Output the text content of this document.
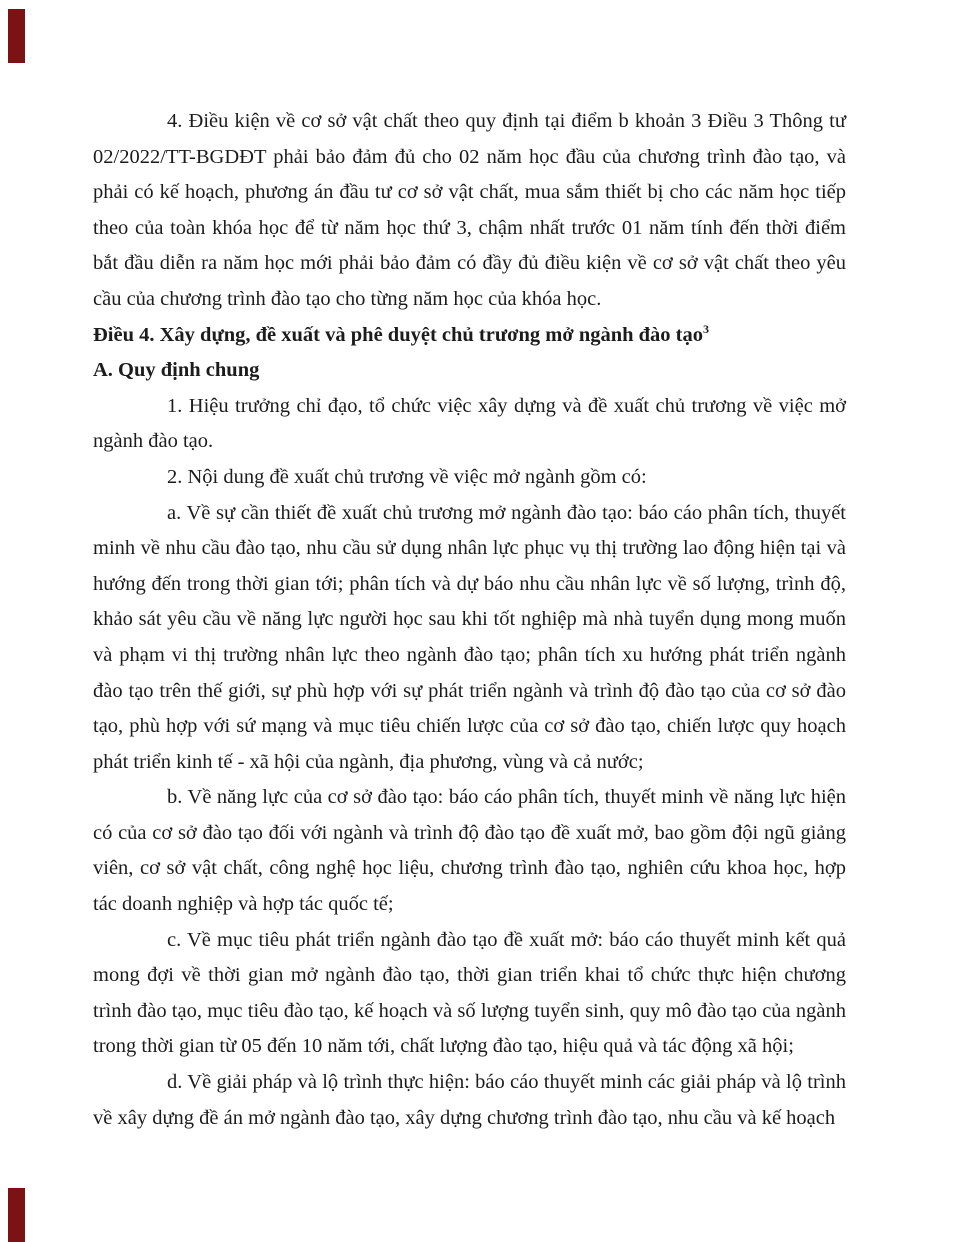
4. Điều kiện về cơ sở vật chất theo quy định tại điểm b khoản 3 Điều 3 Thông tư 02/2022/TT-BGDĐT phải bảo đảm đủ cho 02 năm học đầu của chương trình đào tạo, và phải có kế hoạch, phương án đầu tư cơ sở vật chất, mua sắm thiết bị cho các năm học tiếp theo của toàn khóa học để từ năm học thứ 3, chậm nhất trước 01 năm tính đến thời điểm bắt đầu diễn ra năm học mới phải bảo đảm có đầy đủ điều kiện về cơ sở vật chất theo yêu cầu của chương trình đào tạo cho từng năm học của khóa học.

Điều 4. Xây dựng, đề xuất và phê duyệt chủ trương mở ngành đào tạo$^3$

A. Quy định chung

1. Hiệu trưởng chỉ đạo, tổ chức việc xây dựng và đề xuất chủ trương về việc mở ngành đào tạo.

2. Nội dung đề xuất chủ trương về việc mở ngành gồm có:

a. Về sự cần thiết đề xuất chủ trương mở ngành đào tạo: báo cáo phân tích, thuyết minh về nhu cầu đào tạo, nhu cầu sử dụng nhân lực phục vụ thị trường lao động hiện tại và hướng đến trong thời gian tới; phân tích và dự báo nhu cầu nhân lực về số lượng, trình độ, khảo sát yêu cầu về năng lực người học sau khi tốt nghiệp mà nhà tuyển dụng mong muốn và phạm vi thị trường nhân lực theo ngành đào tạo; phân tích xu hướng phát triển ngành đào tạo trên thế giới, sự phù hợp với sự phát triển ngành và trình độ đào tạo của cơ sở đào tạo, phù hợp với sứ mạng và mục tiêu chiến lược của cơ sở đào tạo, chiến lược quy hoạch phát triển kinh tế - xã hội của ngành, địa phương, vùng và cả nước;

b. Về năng lực của cơ sở đào tạo: báo cáo phân tích, thuyết minh về năng lực hiện có của cơ sở đào tạo đối với ngành và trình độ đào tạo đề xuất mở, bao gồm đội ngũ giảng viên, cơ sở vật chất, công nghệ học liệu, chương trình đào tạo, nghiên cứu khoa học, hợp tác doanh nghiệp và hợp tác quốc tế;

c. Về mục tiêu phát triển ngành đào tạo đề xuất mở: báo cáo thuyết minh kết quả mong đợi về thời gian mở ngành đào tạo, thời gian triển khai tổ chức thực hiện chương trình đào tạo, mục tiêu đào tạo, kế hoạch và số lượng tuyển sinh, quy mô đào tạo của ngành trong thời gian từ 05 đến 10 năm tới, chất lượng đào tạo, hiệu quả và tác động xã hội;

d. Về giải pháp và lộ trình thực hiện: báo cáo thuyết minh các giải pháp và lộ trình về xây dựng đề án mở ngành đào tạo, xây dựng chương trình đào tạo, nhu cầu và kế hoạch
